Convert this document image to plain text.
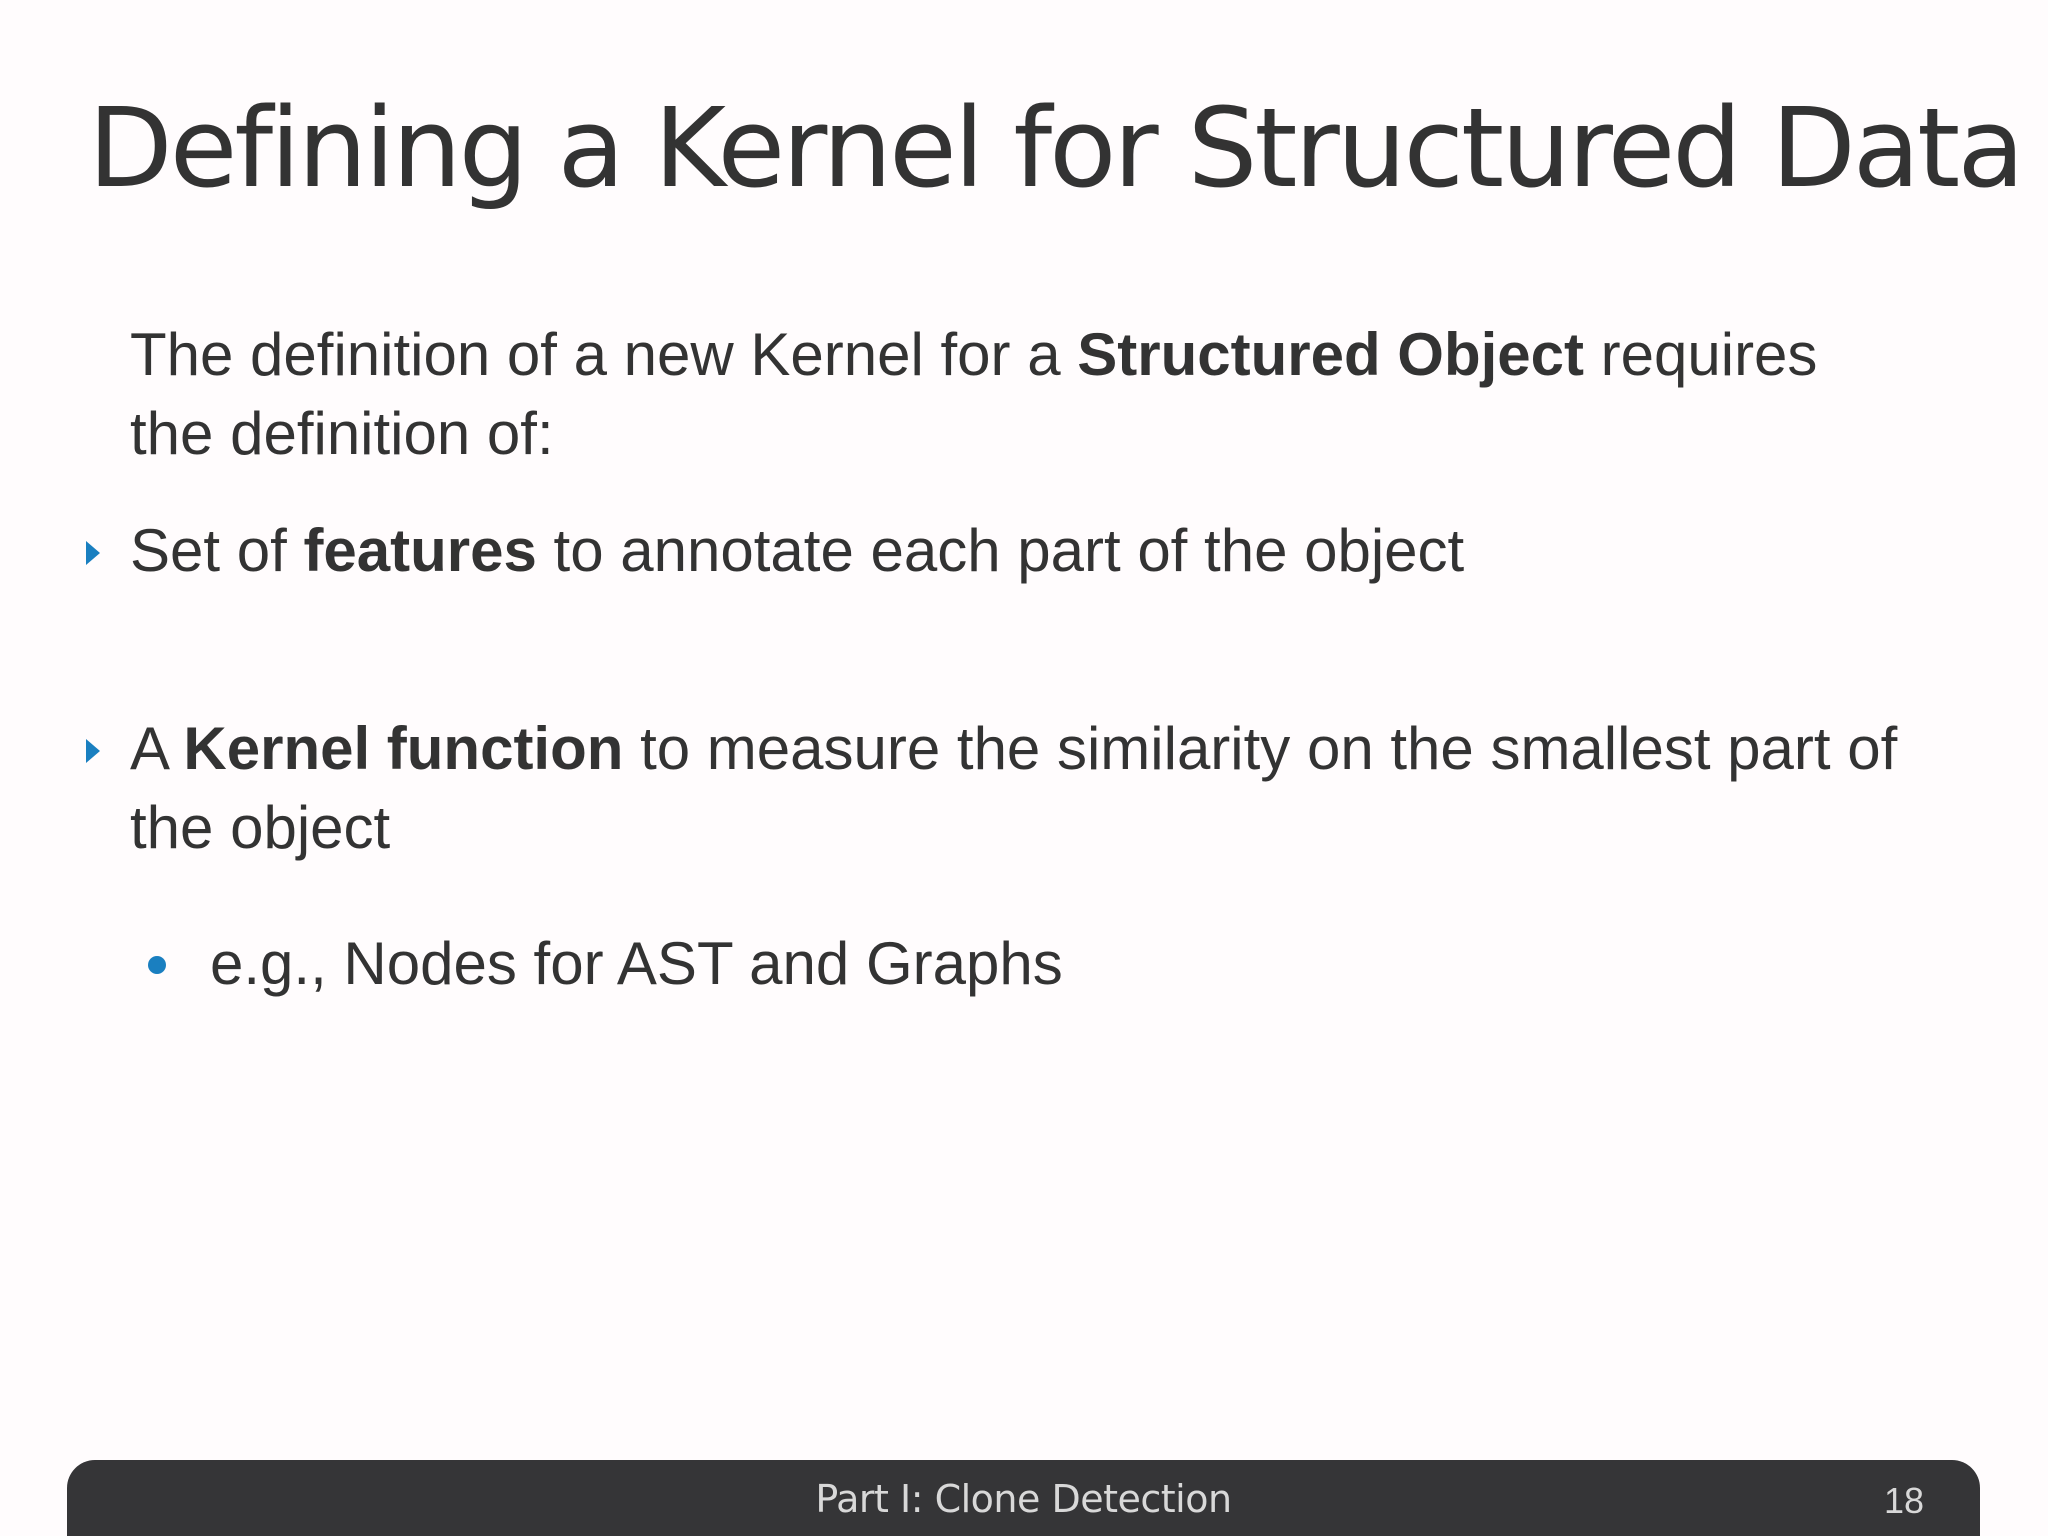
Defining a Kernel for Structured Data
The definition of a new Kernel for a Structured Object requires the definition of:
Set of features to annotate each part of the object
A Kernel function to measure the similarity on the smallest part of the object
e.g., Nodes for AST and Graphs
Part I: Clone Detection	18
